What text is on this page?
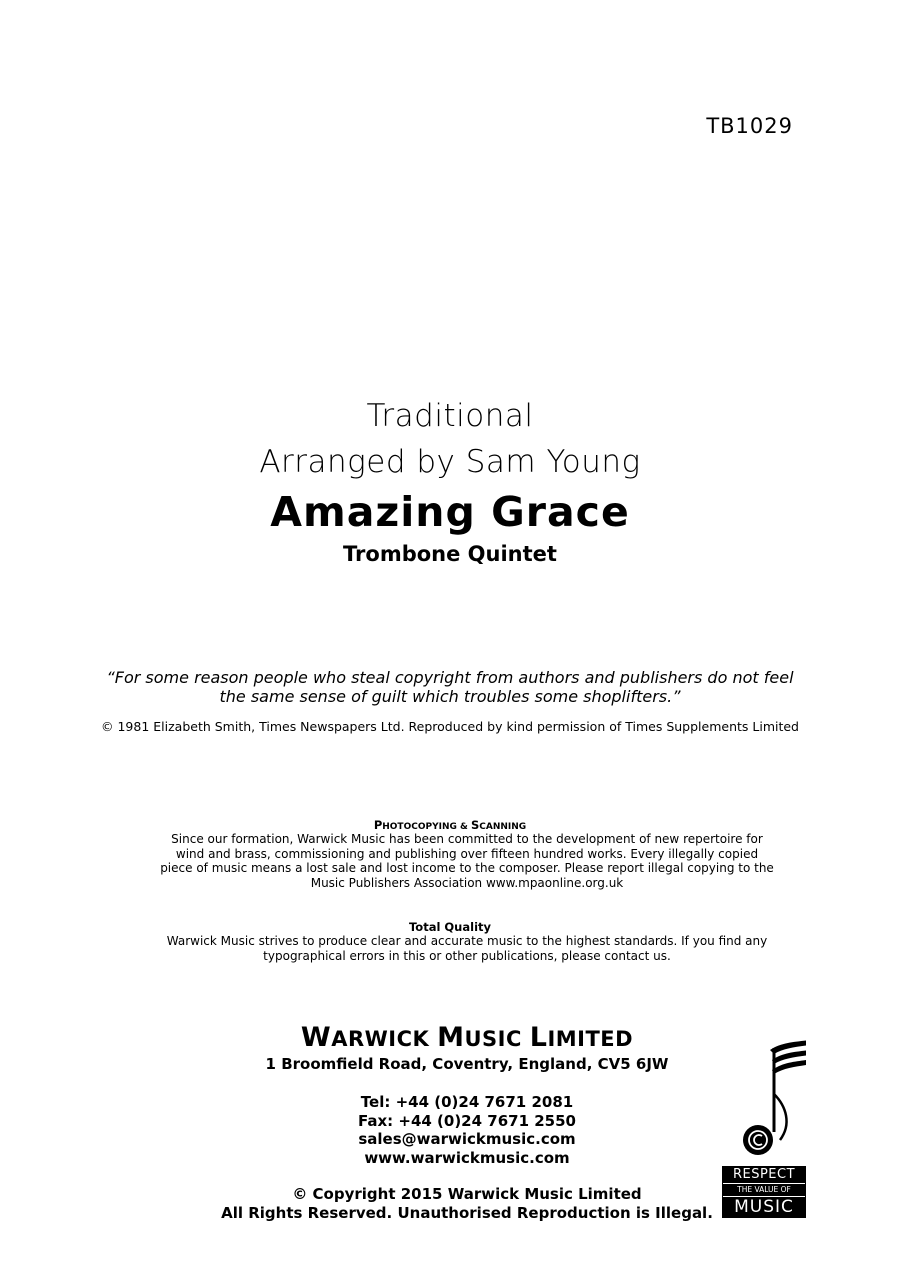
TB1029
Traditional
Arranged by Sam Young
Amazing Grace
Trombone Quintet
“For some reason people who steal copyright from authors and publishers do not feel
the same sense of guilt which troubles some shoplifters.”
© 1981 Elizabeth Smith, Times Newspapers Ltd. Reproduced by kind permission of Times Supplements Limited
PHOTOCOPYING & SCANNING
Since our formation, Warwick Music has been committed to the development of new repertoire for wind and brass, commissioning and publishing over fifteen hundred works. Every illegally copied piece of music means a lost sale and lost income to the composer. Please report illegal copying to the Music Publishers Association www.mpaonline.org.uk
Total Quality
Warwick Music strives to produce clear and accurate music to the highest standards. If you find any typographical errors in this or other publications, please contact us.
WARWICK MUSIC LIMITED
1 Broomfield Road, Coventry, England, CV5 6JW
Tel: +44 (0)24 7671 2081
Fax: +44 (0)24 7671 2550
sales@warwickmusic.com
www.warwickmusic.com
© Copyright 2015 Warwick Music Limited
All Rights Reserved. Unauthorised Reproduction is Illegal.
RESPECT
THE VALUE OF
MUSIC
